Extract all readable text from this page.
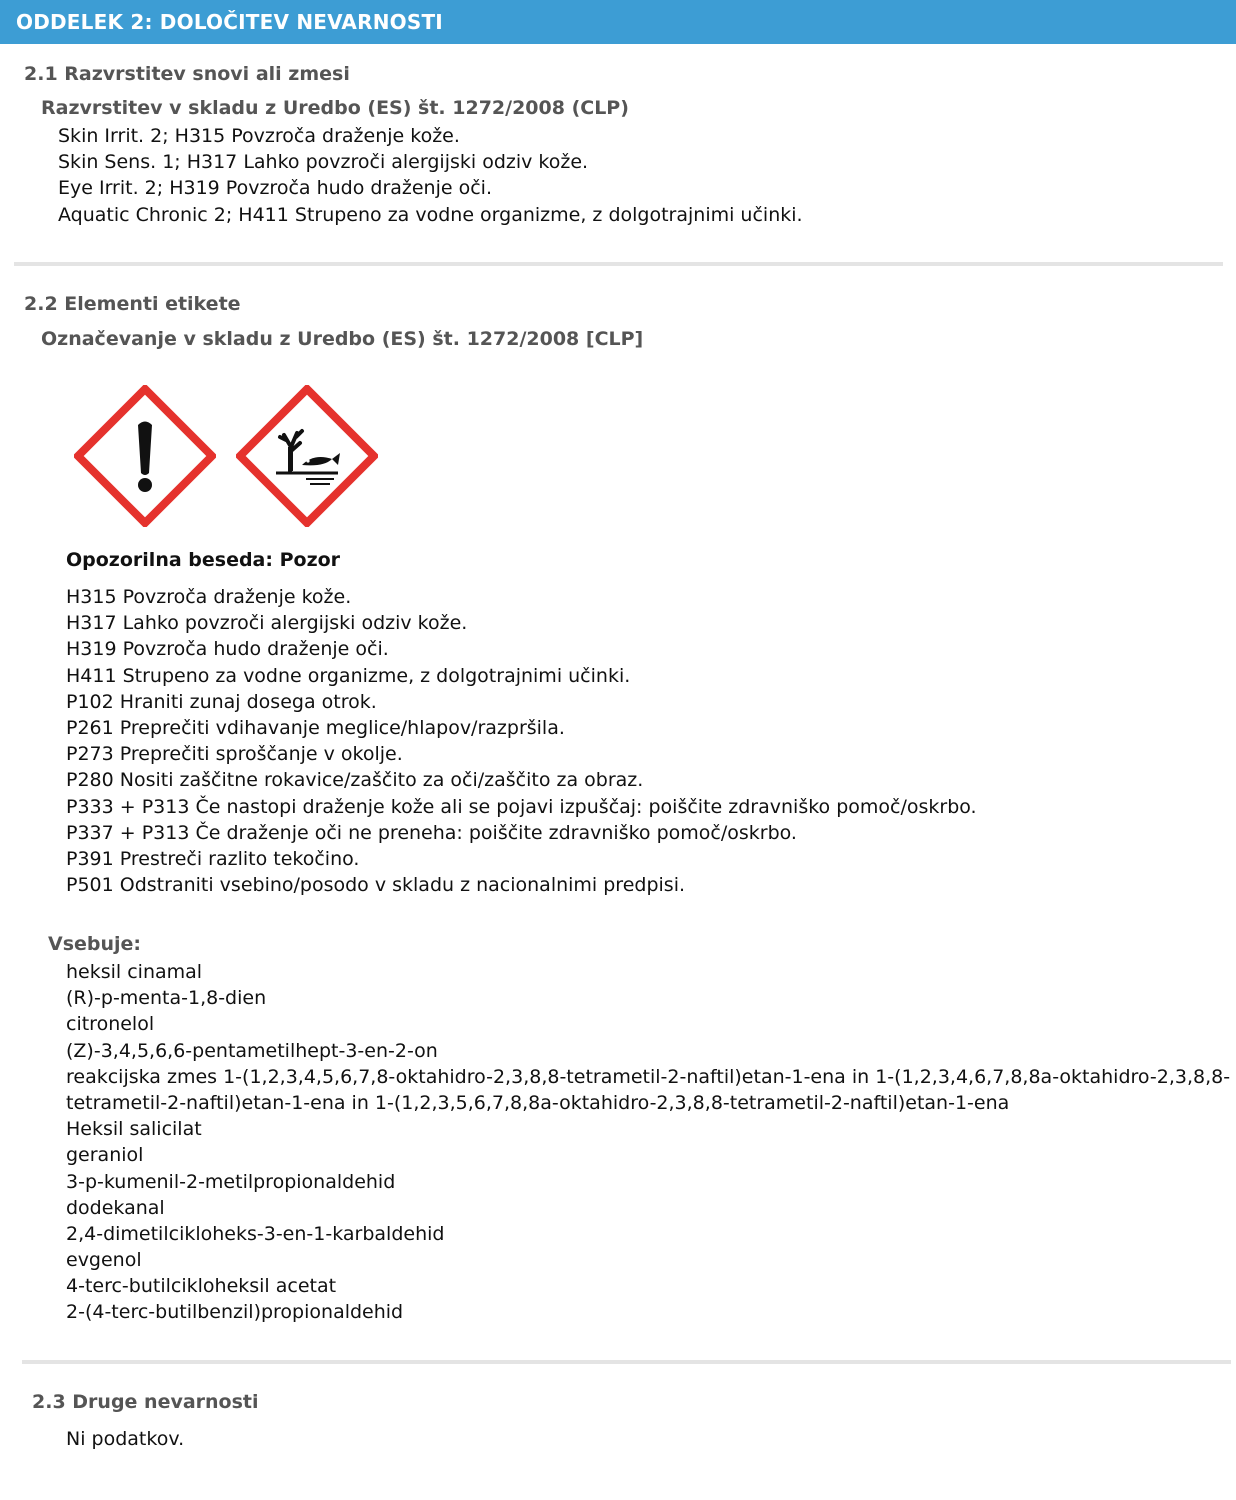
ODDELEK 2: DOLOČITEV NEVARNOSTI
2.1 Razvrstitev snovi ali zmesi
Razvrstitev v skladu z Uredbo (ES) št. 1272/2008 (CLP)
Skin Irrit. 2; H315 Povzroča draženje kože.
Skin Sens. 1; H317 Lahko povzroči alergijski odziv kože.
Eye Irrit. 2; H319 Povzroča hudo draženje oči.
Aquatic Chronic 2; H411 Strupeno za vodne organizme, z dolgotrajnimi učinki.
2.2 Elementi etikete
Označevanje v skladu z Uredbo (ES) št. 1272/2008 [CLP]
Opozorilna beseda: Pozor
H315 Povzroča draženje kože.
H317 Lahko povzroči alergijski odziv kože.
H319 Povzroča hudo draženje oči.
H411 Strupeno za vodne organizme, z dolgotrajnimi učinki.
P102 Hraniti zunaj dosega otrok.
P261 Preprečiti vdihavanje meglice/hlapov/razpršila.
P273 Preprečiti sproščanje v okolje.
P280 Nositi zaščitne rokavice/zaščito za oči/zaščito za obraz.
P333 + P313 Če nastopi draženje kože ali se pojavi izpuščaj: poiščite zdravniško pomoč/oskrbo.
P337 + P313 Če draženje oči ne preneha: poiščite zdravniško pomoč/oskrbo.
P391 Prestreči razlito tekočino.
P501 Odstraniti vsebino/posodo v skladu z nacionalnimi predpisi.
Vsebuje:
heksil cinamal
(R)-p-menta-1,8-dien
citronelol
(Z)-3,4,5,6,6-pentametilhept-3-en-2-on
reakcijska zmes 1-(1,2,3,4,5,6,7,8-oktahidro-2,3,8,8-tetrametil-2-naftil)etan-1-ena in 1-(1,2,3,4,6,7,8,8a-oktahidro-2,3,8,8-
tetrametil-2-naftil)etan-1-ena in 1-(1,2,3,5,6,7,8,8a-oktahidro-2,3,8,8-tetrametil-2-naftil)etan-1-ena
Heksil salicilat
geraniol
3-p-kumenil-2-metilpropionaldehid
dodekanal
2,4-dimetilcikloheks-3-en-1-karbaldehid
evgenol
4-terc-butilcikloheksil acetat
2-(4-terc-butilbenzil)propionaldehid
2.3 Druge nevarnosti
Ni podatkov.
